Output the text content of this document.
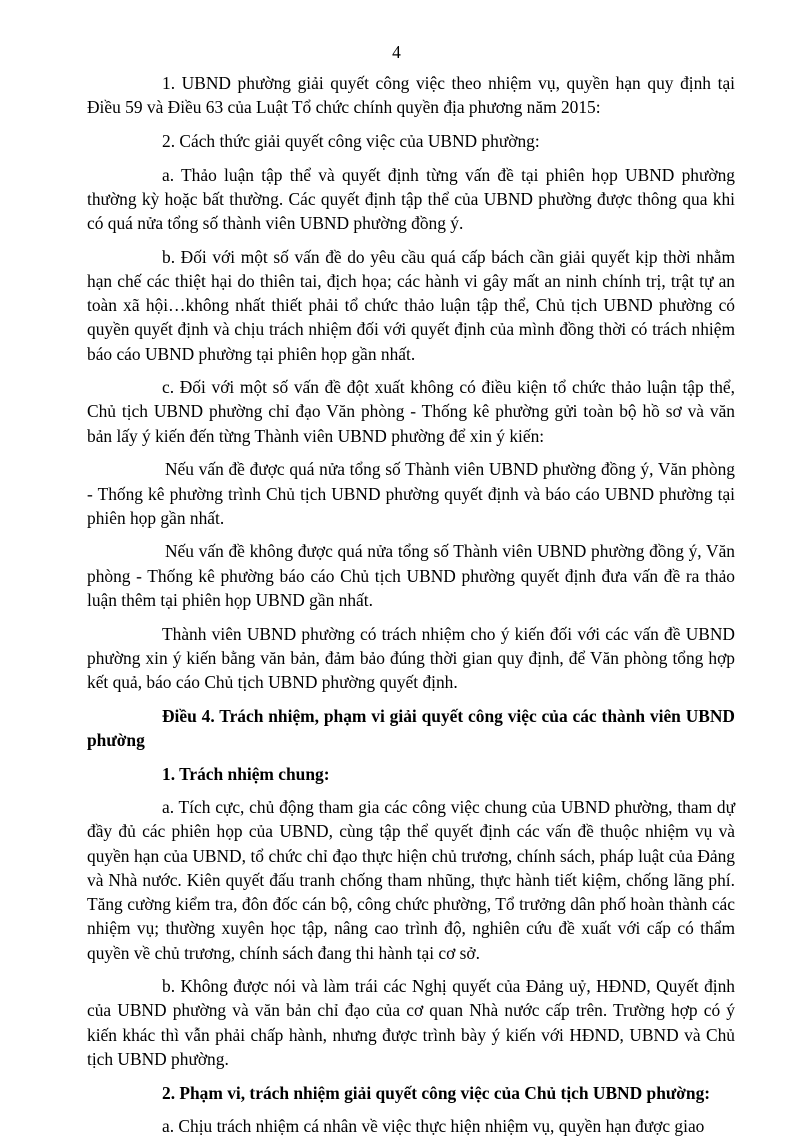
4

1. UBND phường giải quyết công việc theo nhiệm vụ, quyền hạn quy định tại Điều 59 và Điều 63 của Luật Tổ chức chính quyền địa phương năm 2015:

2. Cách thức giải quyết công việc của UBND phường:

a. Thảo luận tập thể và quyết định từng vấn đề tại phiên họp UBND phường thường kỳ hoặc bất thường. Các quyết định tập thể của UBND phường được thông qua khi có quá nửa tổng số thành viên UBND phường đồng ý.

b. Đối với một số vấn đề do yêu cầu quá cấp bách cần giải quyết kịp thời nhằm hạn chế các thiệt hại do thiên tai, địch họa; các hành vi gây mất an ninh chính trị, trật tự an toàn xã hội…không nhất thiết phải tổ chức thảo luận tập thể, Chủ tịch UBND phường có quyền quyết định và chịu trách nhiệm đối với quyết định của mình đồng thời có trách nhiệm báo cáo UBND phường tại phiên họp gần nhất.

c. Đối với một số vấn đề đột xuất không có điều kiện tổ chức thảo luận tập thể, Chủ tịch UBND phường chỉ đạo Văn phòng - Thống kê phường gửi toàn bộ hồ sơ và văn bản lấy ý kiến đến từng Thành viên UBND phường để xin ý kiến:

Nếu vấn đề được quá nửa tổng số Thành viên UBND phường đồng ý, Văn phòng - Thống kê phường trình Chủ tịch UBND phường quyết định và báo cáo UBND phường tại phiên họp gần nhất.

Nếu vấn đề không được quá nửa tổng số Thành viên UBND phường đồng ý, Văn phòng - Thống kê phường báo cáo Chủ tịch UBND phường quyết định đưa vấn đề ra thảo luận thêm tại phiên họp UBND gần nhất.

Thành viên UBND phường có trách nhiệm cho ý kiến đối với các vấn đề UBND phường xin ý kiến bằng văn bản, đảm bảo đúng thời gian quy định, để Văn phòng tổng hợp kết quả, báo cáo Chủ tịch UBND phường quyết định.

Điều 4. Trách nhiệm, phạm vi giải quyết công việc của các thành viên UBND phường

1. Trách nhiệm chung:

a. Tích cực, chủ động tham gia các công việc chung của UBND phường, tham dự đầy đủ các phiên họp của UBND, cùng tập thể quyết định các vấn đề thuộc nhiệm vụ và quyền hạn của UBND, tổ chức chỉ đạo thực hiện chủ trương, chính sách, pháp luật của Đảng và Nhà nước. Kiên quyết đấu tranh chống tham nhũng, thực hành tiết kiệm, chống lãng phí. Tăng cường kiểm tra, đôn đốc cán bộ, công chức phường, Tổ trưởng dân phố hoàn thành các nhiệm vụ; thường xuyên học tập, nâng cao trình độ, nghiên cứu đề xuất với cấp có thẩm quyền về chủ trương, chính sách đang thi hành tại cơ sở.

b. Không được nói và làm trái các Nghị quyết của Đảng uỷ, HĐND, Quyết định của UBND phường và văn bản chỉ đạo của cơ quan Nhà nước cấp trên. Trường hợp có ý kiến khác thì vẫn phải chấp hành, nhưng được trình bày ý kiến với HĐND, UBND và Chủ tịch UBND phường.

2. Phạm vi, trách nhiệm giải quyết công việc của Chủ tịch UBND phường:

a. Chịu trách nhiệm cá nhân về việc thực hiện nhiệm vụ, quyền hạn được giao
